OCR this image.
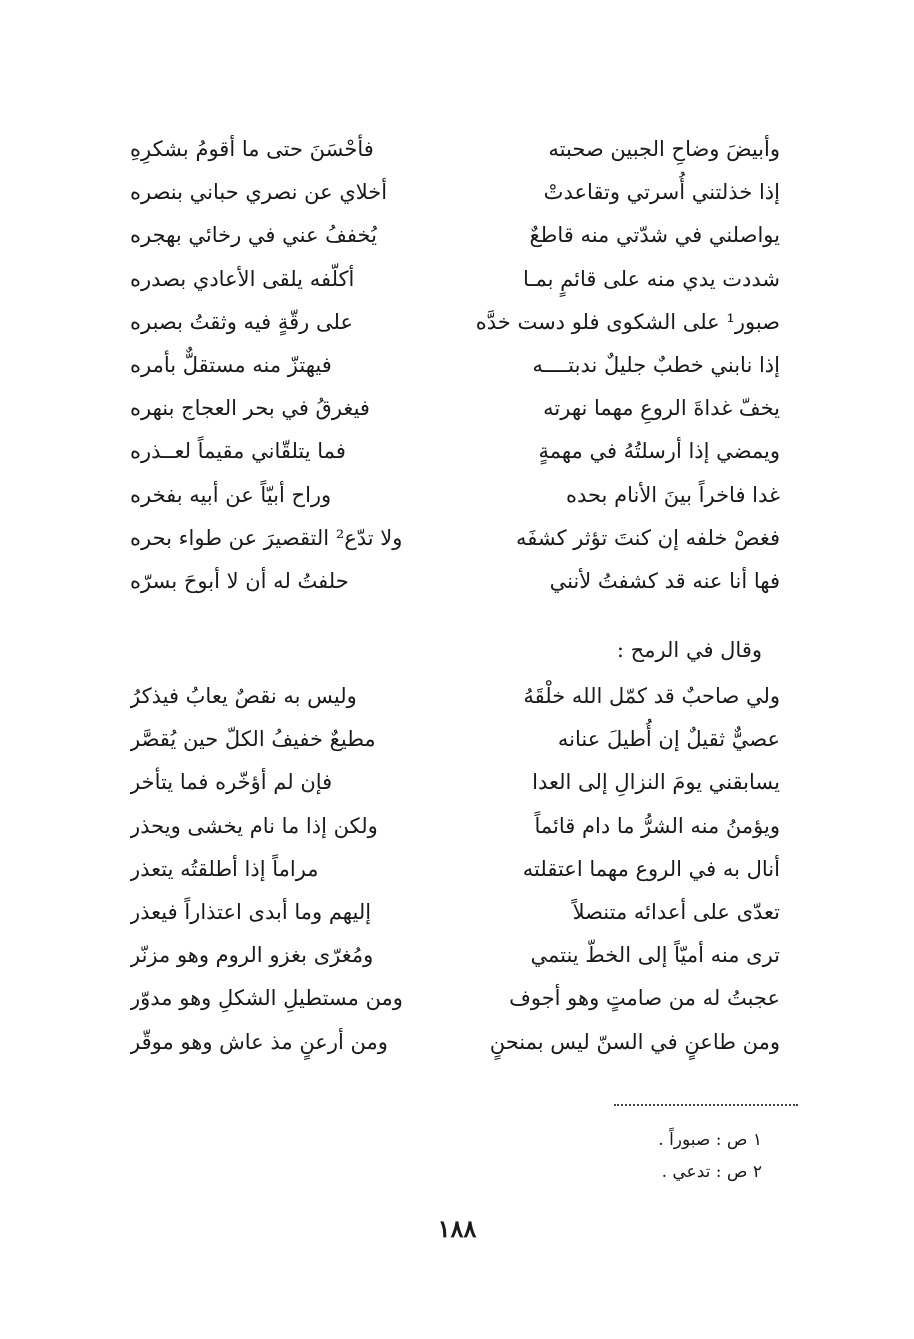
وأبيضَ وضاحِ الجبين صحبته
فأحْسَنَ حتى ما أقومُ بشكرِهِ
إذا خذلتني أُسرتي وتقاعدتْ
أخلاي عن نصري حباني بنصره
يواصلني في شدّتي منه قاطعٌ
يُخففُ عني في رخائي بهجره
شددت يدي منه على قائمٍ بمـا
أكلّفه يلقى الأعادي بصدره
صبور¹ على الشكوى فلو دست خدَّه
على رقّةٍ فيه وثقتُ بصبره
إذا نابني خطبٌ جليلٌ ندبتــــه
فيهتزّ منه مستقلٌّ بأمره
يخفّ غداةَ الروعِ مهما نهرته
فيغرقُ في بحر العجاج بنهره
ويمضي إذا أرسلتُهُ في مهمةٍ
فما يتلقّاني مقيماً لعــذره
غدا فاخراً بينَ الأنام بحده
وراح أبيّاً عن أبيه بفخره
فغصْ خلفه إن كنتَ تؤثر كشفَه
ولا تدّع² التقصيرَ عن طواء بحره
فها أنا عنه قد كشفتُ لأنني
حلفتُ له أن لا أبوحَ بسرّه
وقال في الرمح :
ولي صاحبٌ قد كمّل الله خلْقَهُ
وليس به نقصٌ يعابُ فيذكرُ
عصيٌّ ثقيلٌ إن أُطيلَ عنانه
مطيعٌ خفيفُ الكلّ حين يُقصَّر
يسابقني يومَ النزالِ إلى العدا
فإن لم أؤخّره فما يتأخر
ويؤمنُ منه الشرُّ ما دام قائماً
ولكن إذا ما نام يخشى ويحذر
أنال به في الروع مهما اعتقلته
مراماً إذا أطلقتُه يتعذر
تعدّى على أعدائه متنصلاً
إليهم وما أبدى اعتذاراً فيعذر
ترى منه أميّاً إلى الخطّ ينتمي
ومُغرّى بغزو الروم وهو مزنّر
عجبتُ له من صامتٍ وهو أجوف
ومن مستطيلِ الشكلِ وهو مدوّر
ومن طاعنٍ في السنّ ليس بمنحنٍ
ومن أرعنٍ مذ عاش وهو موقّر
١ ص : صبوراً .
٢ ص : تدعي .
١٨٨
